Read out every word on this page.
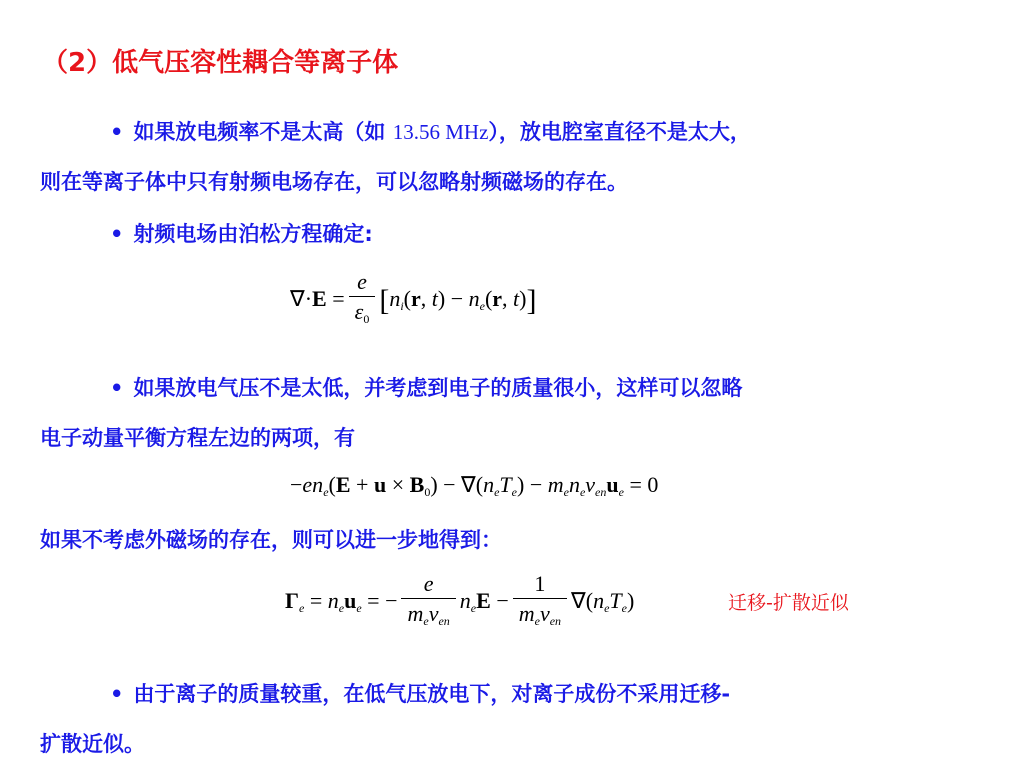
（2）低气压容性耦合等离子体
• 如果放电频率不是太高（如 13.56 MHz），放电腔室直径不是太大，
则在等离子体中只有射频电场存在，可以忽略射频磁场的存在。
• 射频电场由泊松方程确定:
$\nabla\cdot E = \frac{e}{\varepsilon_0} [n_i(r$, $t) - n_e(r$, t)]
• 如果放电气压不是太低，并考虑到电子的质量很小，这样可以忽略
电子动量平衡方程左边的两项，有
$-en_e(E + u \times B_0) - \nabla(n_eT_e) - m_en_e\nu_{en}u_e = 0$
如果不考虑外磁场的存在，则可以进一步地得到：
$\Gamma_e = n_eu_e$ = − $\frac{e}{m_e\nu_{en}} n_eE - \frac{1}{m_e\nu_{en}} \nabla(n_eT_e)$	迁移-扩散近似
• 由于离子的质量较重，在低气压放电下，对离子成份不采用迁移-
扩散近似。
